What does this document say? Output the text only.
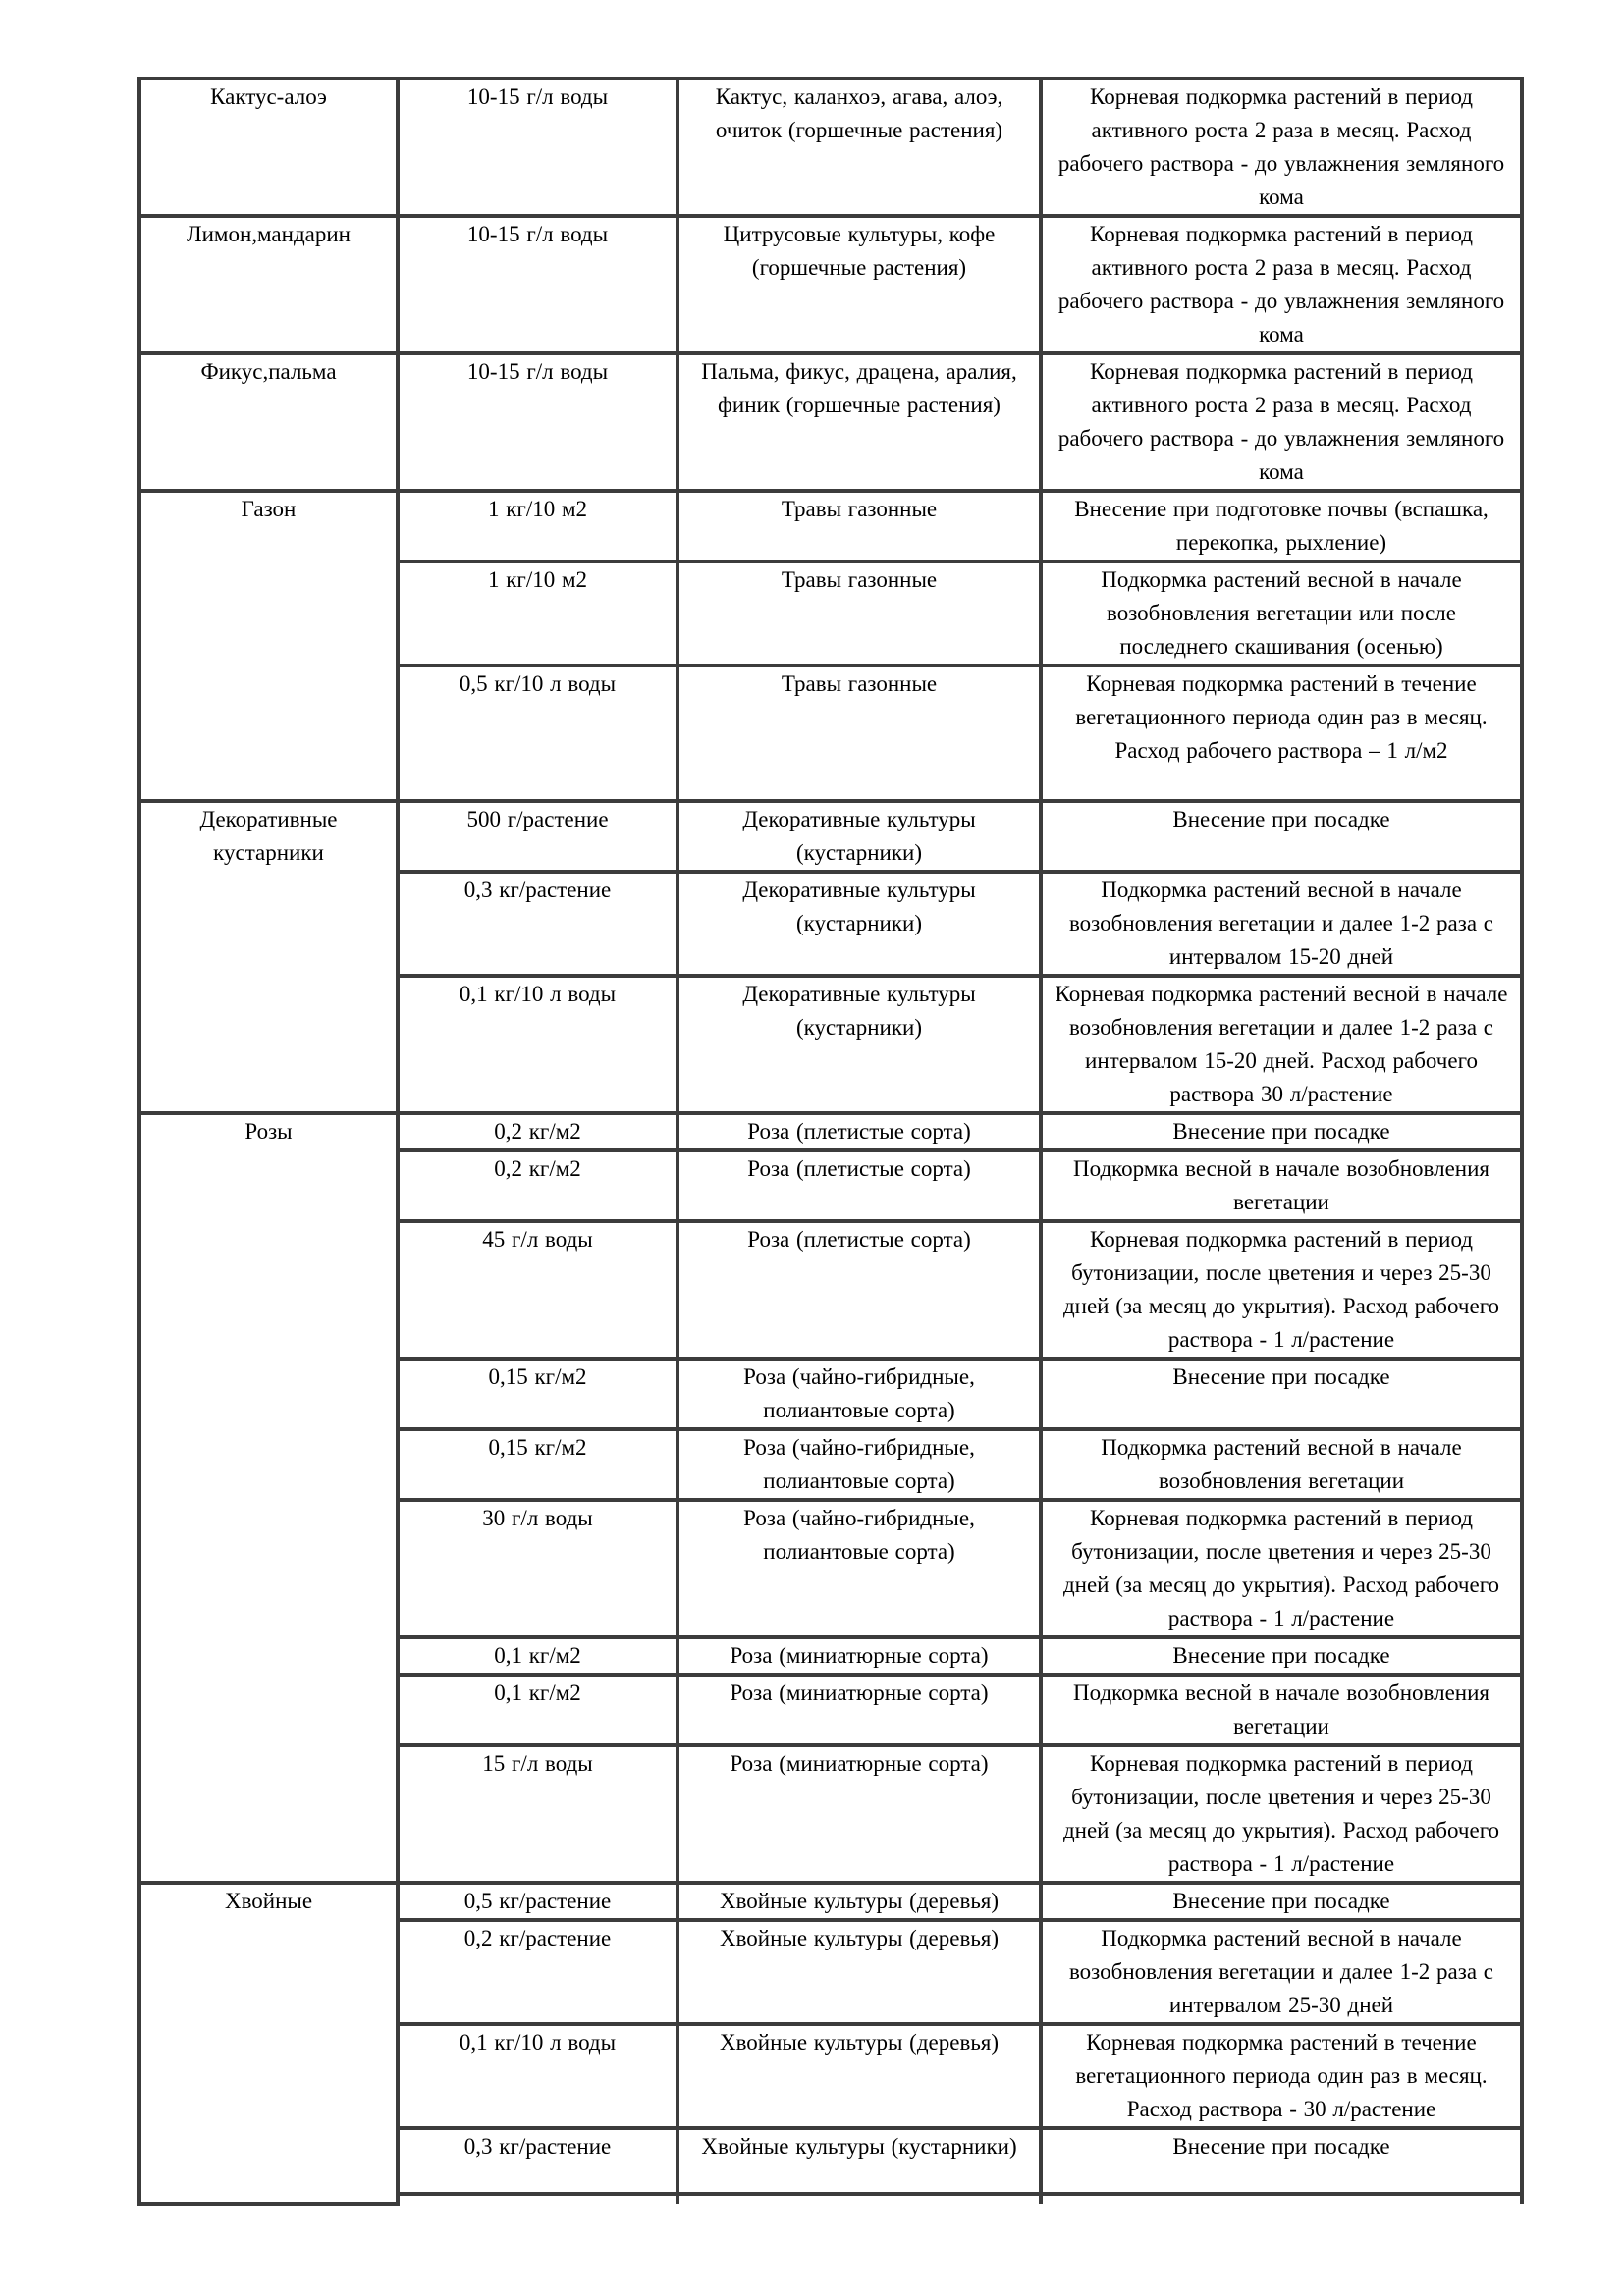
Кактус-алоэ	10-15 г/л воды	Кактус, каланхоэ, агава, алоэ, очиток (горшечные растения)	Корневая подкормка растений в период активного роста 2 раза в месяц. Расход рабочего раствора - до увлажнения земляного кома
Лимон,мандарин	10-15 г/л воды	Цитрусовые культуры, кофе (горшечные растения)	Корневая подкормка растений в период активного роста 2 раза в месяц. Расход рабочего раствора - до увлажнения земляного кома
Фикус,пальма	10-15 г/л воды	Пальма, фикус, драцена, аралия, финик (горшечные растения)	Корневая подкормка растений в период активного роста 2 раза в месяц. Расход рабочего раствора - до увлажнения земляного кома
Газон	1 кг/10 м2	Травы газонные	Внесение при подготовке почвы (вспашка, перекопка, рыхление)
	1 кг/10 м2	Травы газонные	Подкормка растений весной в начале возобновления вегетации или после последнего скашивания (осенью)
	0,5 кг/10 л воды	Травы газонные	Корневая подкормка растений в течение вегетационного периода один раз в месяц. Расход рабочего раствора – 1 л/м2
Декоративные кустарники	500 г/растение	Декоративные культуры (кустарники)	Внесение при посадке
	0,3 кг/растение	Декоративные культуры (кустарники)	Подкормка растений весной в начале возобновления вегетации и далее 1-2 раза с интервалом 15-20 дней
	0,1 кг/10 л воды	Декоративные культуры (кустарники)	Корневая подкормка растений весной в начале возобновления вегетации и далее 1-2 раза с интервалом 15-20 дней. Расход рабочего раствора 30 л/растение
Розы	0,2 кг/м2	Роза (плетистые сорта)	Внесение при посадке
	0,2 кг/м2	Роза (плетистые сорта)	Подкормка весной в начале возобновления вегетации
	45 г/л воды	Роза (плетистые сорта)	Корневая подкормка растений в период бутонизации, после цветения и через 25-30 дней (за месяц до укрытия). Расход рабочего раствора - 1 л/растение
	0,15 кг/м2	Роза (чайно-гибридные, полиантовые сорта)	Внесение при посадке
	0,15 кг/м2	Роза (чайно-гибридные, полиантовые сорта)	Подкормка растений весной в начале возобновления вегетации
	30 г/л воды	Роза (чайно-гибридные, полиантовые сорта)	Корневая подкормка растений в период бутонизации, после цветения и через 25-30 дней (за месяц до укрытия). Расход рабочего раствора - 1 л/растение
	0,1 кг/м2	Роза (миниатюрные сорта)	Внесение при посадке
	0,1 кг/м2	Роза (миниатюрные сорта)	Подкормка весной в начале возобновления вегетации
	15 г/л воды	Роза (миниатюрные сорта)	Корневая подкормка растений в период бутонизации, после цветения и через 25-30 дней (за месяц до укрытия). Расход рабочего раствора - 1 л/растение
Хвойные	0,5 кг/растение	Хвойные культуры (деревья)	Внесение при посадке
	0,2 кг/растение	Хвойные культуры (деревья)	Подкормка растений весной в начале возобновления вегетации и далее 1-2 раза с интервалом 25-30 дней
	0,1 кг/10 л воды	Хвойные культуры (деревья)	Корневая подкормка растений в течение вегетационного периода один раз в месяц. Расход раствора - 30 л/растение
	0,3 кг/растение	Хвойные культуры (кустарники)	Внесение при посадке
